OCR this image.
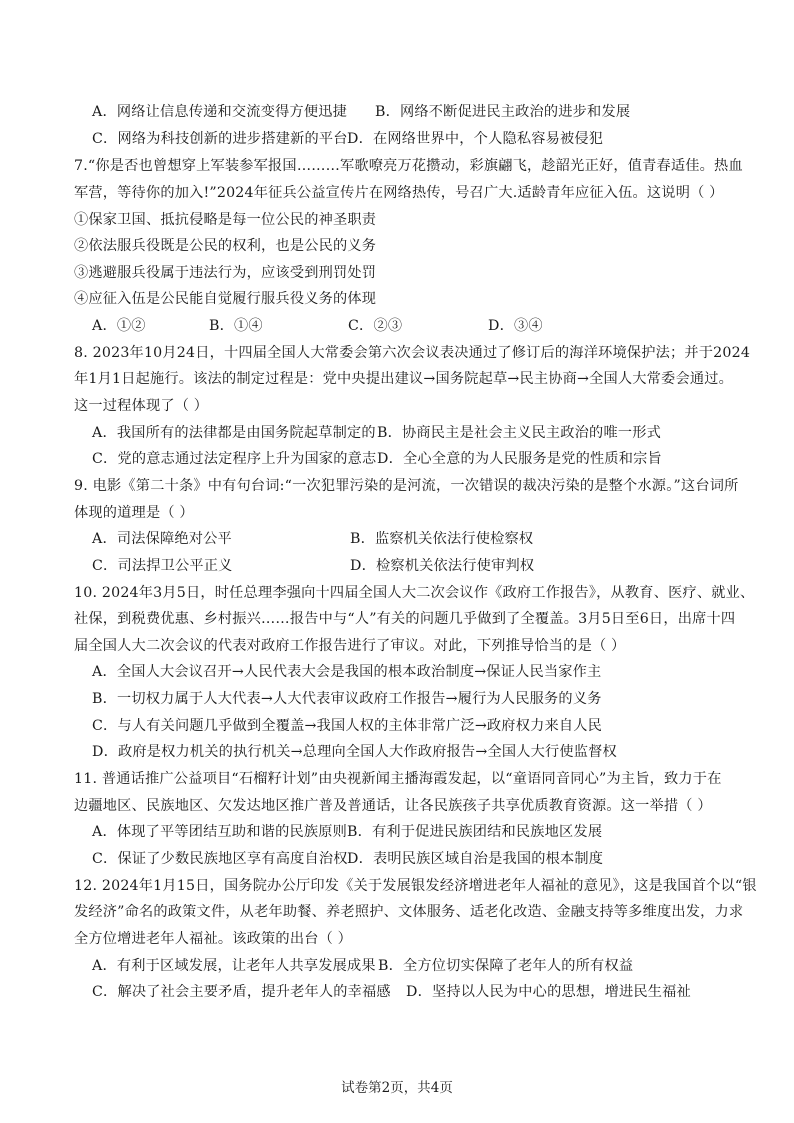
A．网络让信息传递和交流变得方便迅捷 B．网络不断促进民主政治的进步和发展
C．网络为科技创新的进步搭建新的平台 D．在网络世界中，个人隐私容易被侵犯
7.“你是否也曾想穿上军装参军报国………军歌嘹亮万花攒动，彩旗翩飞，趁韶光正好，值青春适佳。热血
军营，等待你的加入!”2024年征兵公益宣传片在网络热传，号召广大.适龄青年应征入伍。这说明（ ）
①保家卫国、抵抗侵略是每一位公民的神圣职责
②依法服兵役既是公民的权利，也是公民的义务
③逃避服兵役属于违法行为，应该受到刑罚处罚
④应征入伍是公民能自觉履行服兵役义务的体现
A．①②	B．①④	C．②③	D．③④
8. 2023年10月24日，十四届全国人大常委会第六次会议表决通过了修订后的海洋环境保护法；并于2024
年1月1日起施行。该法的制定过程是：党中央提出建议→国务院起草→民主协商→全国人大常委会通过。
这一过程体现了（ ）
A．我国所有的法律都是由国务院起草制定的 B．协商民主是社会主义民主政治的唯一形式
C．党的意志通过法定程序上升为国家的意志 D．全心全意的为人民服务是党的性质和宗旨
9. 电影《第二十条》中有句台词:“一次犯罪污染的是河流，一次错误的裁决污染的是整个水源。”这台词所
体现的道理是（ ）
A．司法保障绝对公平	B．监察机关依法行使检察权
C．司法捍卫公平正义	D．检察机关依法行使审判权
10. 2024年3月5日，时任总理李强向十四届全国人大二次会议作《政府工作报告》，从教育、医疗、就业、
社保，到税费优惠、乡村振兴……报告中与“人”有关的问题几乎做到了全覆盖。3月5日至6日，出席十四
届全国人大二次会议的代表对政府工作报告进行了审议。对此，下列推导恰当的是（ ）
A．全国人大会议召开→人民代表大会是我国的根本政治制度→保证人民当家作主
B．一切权力属于人大代表→人大代表审议政府工作报告→履行为人民服务的义务
C．与人有关问题几乎做到全覆盖→我国人权的主体非常广泛→政府权力来自人民
D．政府是权力机关的执行机关→总理向全国人大作政府报告→全国人大行使监督权
11. 普通话推广公益项目“石榴籽计划”由央视新闻主播海霞发起，以“童语同音同心”为主旨，致力于在
边疆地区、民族地区、欠发达地区推广普及普通话，让各民族孩子共享优质教育资源。这一举措（ ）
A．体现了平等团结互助和谐的民族原则 B．有利于促进民族团结和民族地区发展
C．保证了少数民族地区享有高度自治权 D．表明民族区域自治是我国的根本制度
12. 2024年1月15日，国务院办公厅印发《关于发展银发经济增进老年人福祉的意见》，这是我国首个以“银
发经济”命名的政策文件，从老年助餐、养老照护、文体服务、适老化改造、金融支持等多维度出发，力求
全方位增进老年人福祉。该政策的出台（ ）
A．有利于区域发展，让老年人共享发展成果 B．全方位切实保障了老年人的所有权益
C．解决了社会主要矛盾，提升老年人的幸福感 D．坚持以人民为中心的思想，增进民生福祉
试卷第2页，共4页
